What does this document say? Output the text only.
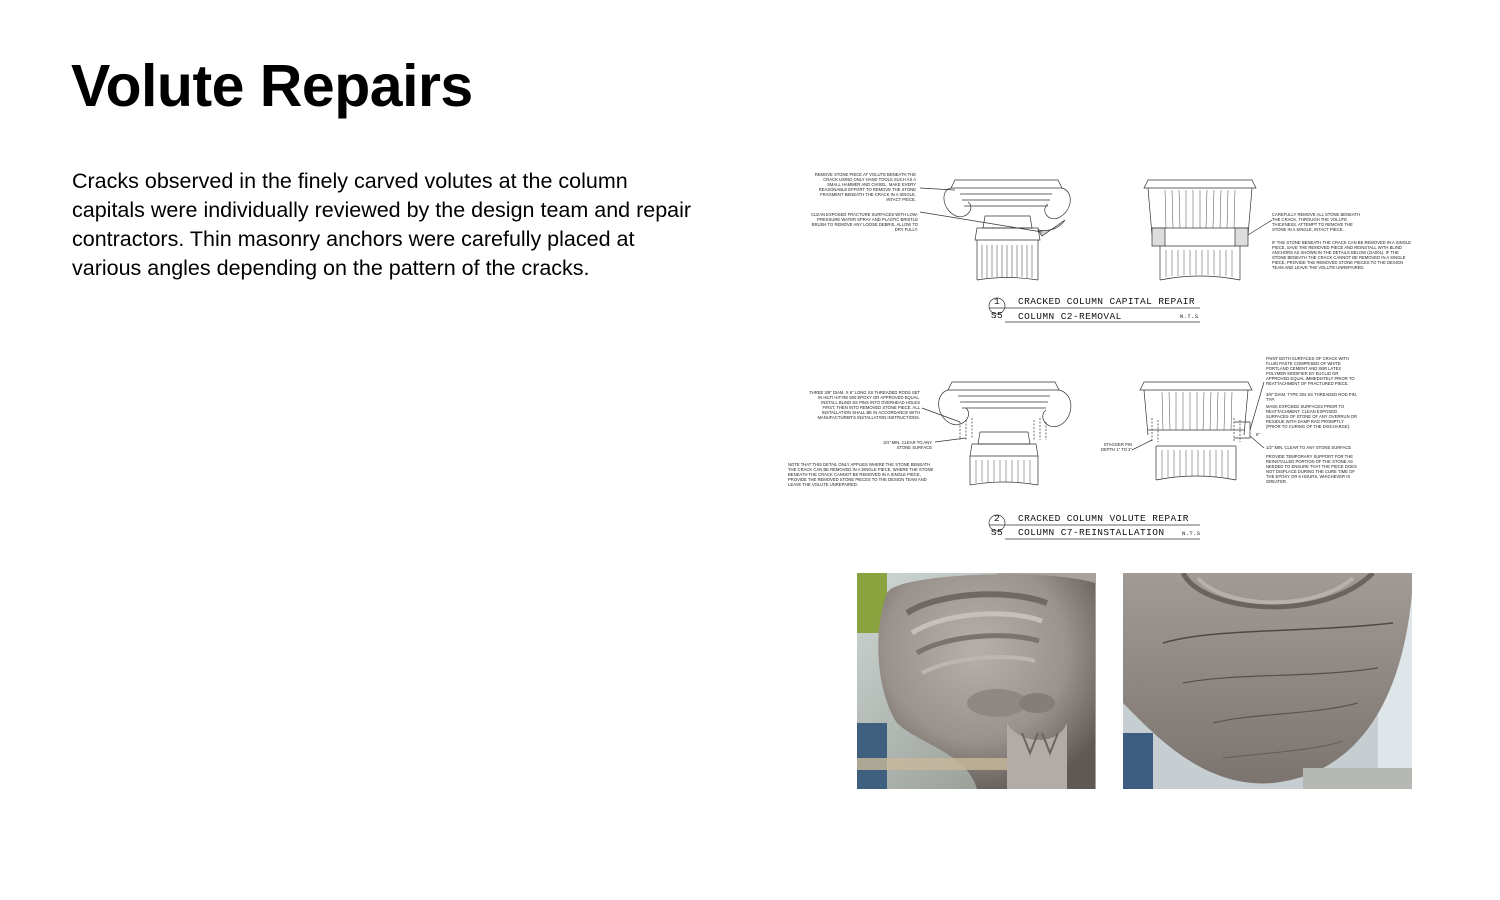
Volute Repairs

Cracks observed in the finely carved volutes at the column capitals were individually reviewed by the design team and repair contractors. Thin masonry anchors were carefully placed at various angles depending on the pattern of the cracks.

REMOVE STONE PIECE AT VOLUTE BENEATH THE CRACK USING ONLY HAND TOOLS SUCH AS A SMALL HAMMER AND CHISEL. MAKE EVERY REASONABLE EFFORT TO REMOVE THE STONE FRAGMENT BENEATH THE CRACK IN A SINGLE, INTACT PIECE.
CLEAN EXPOSED FRACTURE SURFACES WITH LOW-PRESSURE WATER SPRAY AND PLASTIC BRISTLE BRUSH TO REMOVE ANY LOOSE DEBRIS. ALLOW TO DRY FULLY.
CAREFULLY REMOVE ALL STONE BENEATH THE CRACK, THROUGH THE VOLUTE THICKNESS. ATTEMPT TO REMOVE THE STONE IN A SINGLE, INTACT PIECE.
IF THE STONE BENEATH THE CRACK CAN BE REMOVED IN A SINGLE PIECE, SAVE THE REMOVED PIECE AND REINSTALL WITH BLIND ANCHORS AS SHOWN IN THE DETAILS BELOW (2/A001). IF THE STONE BENEATH THE CRACK CANNOT BE REMOVED IN A SINGLE PIECE, PROVIDE THE REMOVED STONE PIECES TO THE DESIGN TEAM AND LEAVE THE VOLUTE UNREPAIRED.
1
S5
CRACKED COLUMN CAPITAL REPAIR
COLUMN C2-REMOVAL	N.T.S
THREE 3/8" DIAM. X 6" LONG SS THREADED RODS SET IN HILTI HIT-RE 500 EPOXY OR APPROVED EQUAL. INSTALL BLIND SS PINS INTO OVERHEAD HOLES FIRST, THEN INTO REMOVED STONE PIECE. ALL INSTALLATION SHALL BE IN ACCORDANCE WITH MANUFACTURER'S INSTALLATION INSTRUCTIONS.
3/4" MIN. CLEAR TO ANY STONE SURFACE
NOTE THAT THIS DETAIL ONLY APPLIES WHERE THE STONE BENEATH THE CRACK CAN BE REMOVED IN A SINGLE PIECE. WHERE THE STONE BENEATH THE CRACK CANNOT BE REMOVED IN A SINGLE PIECE, PROVIDE THE REMOVED STONE PIECES TO THE DESIGN TEAM AND LEAVE THE VOLUTE UNREPAIRED.
STAGGER PIN DEPTH 1" TO 2"
PAINT BOTH SURFACES OF CRACK WITH FLUID PASTE COMPRISED OF WHITE PORTLAND CEMENT AND SBR LATEX POLYMER MODIFIER BY EUCLID OR APPROVED EQUAL IMMEDIATELY PRIOR TO REATTACHMENT OF FRACTURED PIECE.
3/8" DIAM. TYPE 304 SS THREADED ROD PIN, TYP.
MASK EXPOSED SURFACES PRIOR TO REATTACHMENT. CLEAN EXPOSED SURFACES OF STONE OF ANY OVERRUN OR RESIDUE WITH DAMP RAG PROMPTLY (PRIOR TO CURING OF THE DISCHARGE).
6"
1/2" MIN. CLEAR TO ANY STONE SURFACE
PROVIDE TEMPORARY SUPPORT FOR THE REINSTALLED PORTION OF THE STONE AS NEEDED TO ENSURE THAT THE PIECE DOES NOT DISPLACE DURING THE CURE TIME OF THE EPOXY OR 6 HOURS, WHICHEVER IS GREATER.
2
S5
CRACKED COLUMN VOLUTE REPAIR
COLUMN C7-REINSTALLATION	N.T.S
